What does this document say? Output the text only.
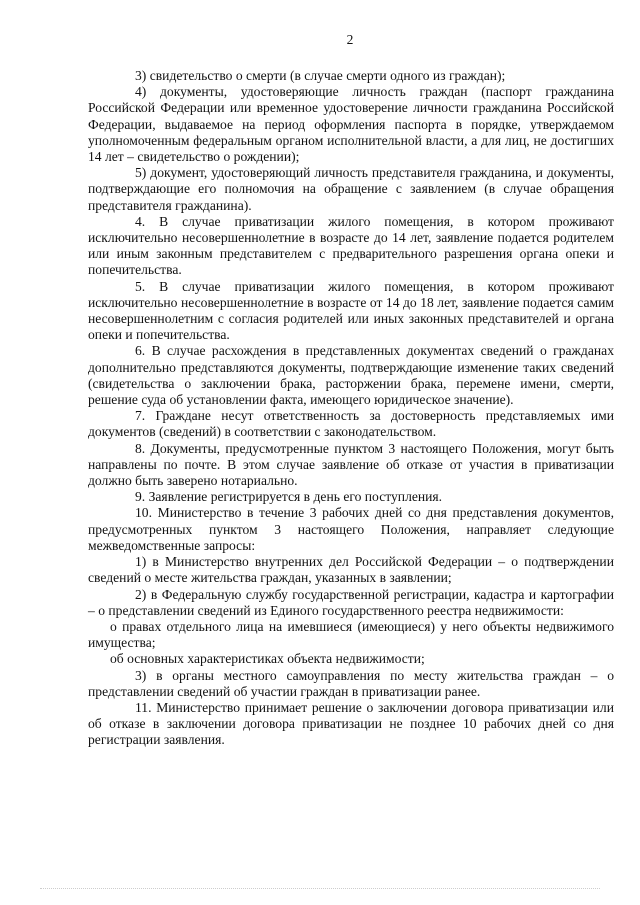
2

3) свидетельство о смерти (в случае смерти одного из граждан);

4) документы, удостоверяющие личность граждан (паспорт гражданина Российской Федерации или временное удостоверение личности гражданина Российской Федерации, выдаваемое на период оформления паспорта в порядке, утверждаемом уполномоченным федеральным органом исполнительной власти, а для лиц, не достигших 14 лет – свидетельство о рождении);

5) документ, удостоверяющий личность представителя гражданина, и документы, подтверждающие его полномочия на обращение с заявлением (в случае обращения представителя гражданина).

4. В случае приватизации жилого помещения, в котором проживают исключительно несовершеннолетние в возрасте до 14 лет, заявление подается родителем или иным законным представителем с предварительного разрешения органа опеки и попечительства.

5. В случае приватизации жилого помещения, в котором проживают исключительно несовершеннолетние в возрасте от 14 до 18 лет, заявление подается самим несовершеннолетним с согласия родителей или иных законных представителей и органа опеки и попечительства.

6. В случае расхождения в представленных документах сведений о гражданах дополнительно представляются документы, подтверждающие изменение таких сведений (свидетельства о заключении брака, расторжении брака, перемене имени, смерти, решение суда об установлении факта, имеющего юридическое значение).

7. Граждане несут ответственность за достоверность представляемых ими документов (сведений) в соответствии с законодательством.

8. Документы, предусмотренные пунктом 3 настоящего Положения, могут быть направлены по почте. В этом случае заявление об отказе от участия в приватизации должно быть заверено нотариально.

9. Заявление регистрируется в день его поступления.

10. Министерство в течение 3 рабочих дней со дня представления документов, предусмотренных пунктом 3 настоящего Положения, направляет следующие межведомственные запросы:

1) в Министерство внутренних дел Российской Федерации – о подтверждении сведений о месте жительства граждан, указанных в заявлении;

2) в Федеральную службу государственной регистрации, кадастра и картографии – о представлении сведений из Единого государственного реестра недвижимости:

о правах отдельного лица на имевшиеся (имеющиеся) у него объекты недвижимого имущества;

об основных характеристиках объекта недвижимости;

3) в органы местного самоуправления по месту жительства граждан – о представлении сведений об участии граждан в приватизации ранее.

11. Министерство принимает решение о заключении договора приватизации или об отказе в заключении договора приватизации не позднее 10 рабочих дней со дня регистрации заявления.
